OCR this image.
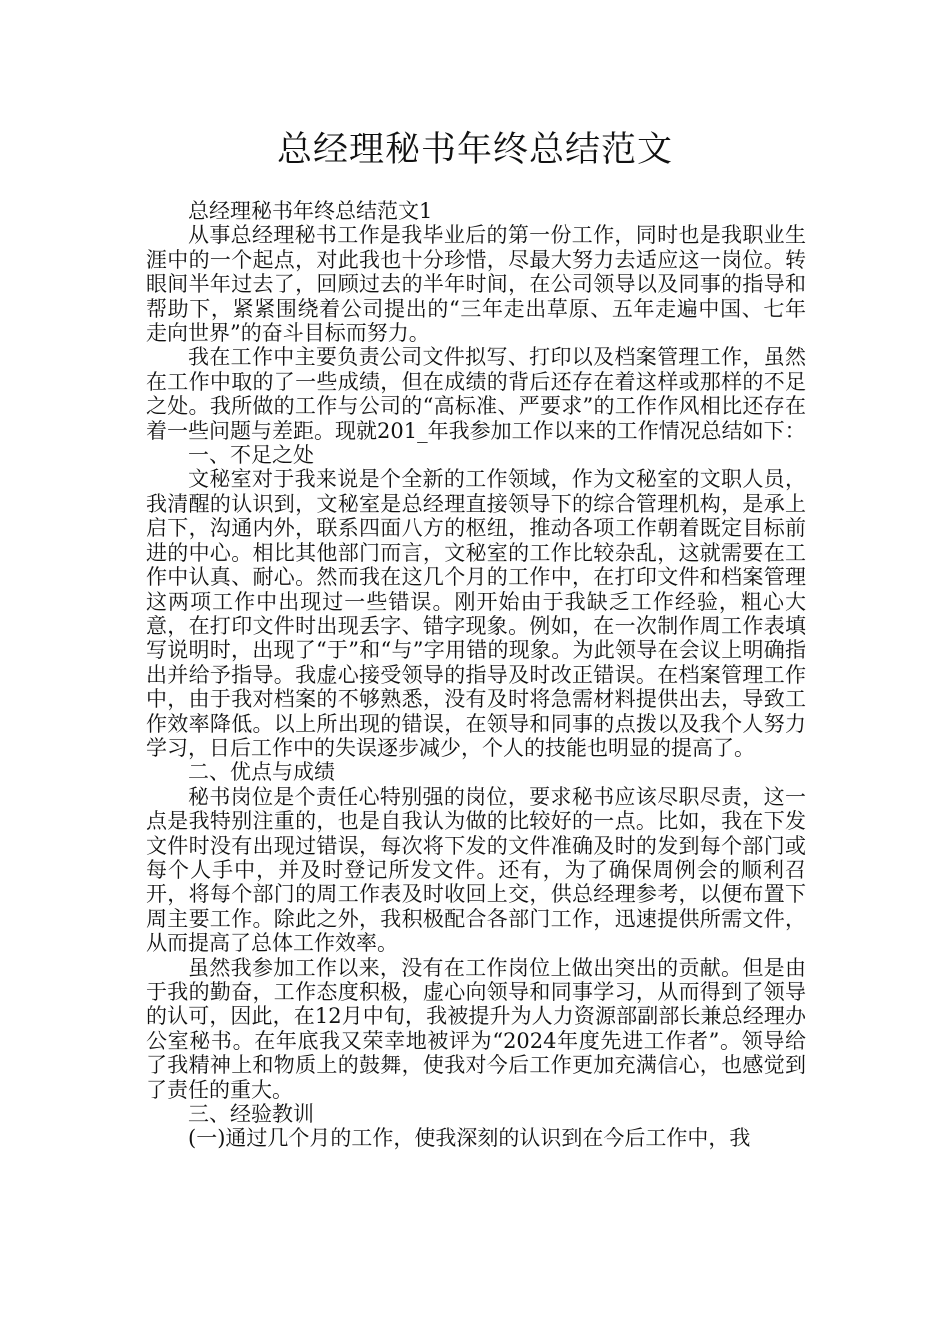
总经理秘书年终总结范文

总经理秘书年终总结范文1

从事总经理秘书工作是我毕业后的第一份工作，同时也是我职业生涯中的一个起点，对此我也十分珍惜，尽最大努力去适应这一岗位。转眼间半年过去了，回顾过去的半年时间，在公司领导以及同事的指导和帮助下，紧紧围绕着公司提出的“三年走出草原、五年走遍中国、七年走向世界”的奋斗目标而努力。

我在工作中主要负责公司文件拟写、打印以及档案管理工作，虽然在工作中取的了一些成绩，但在成绩的背后还存在着这样或那样的不足之处。我所做的工作与公司的“高标准、严要求”的工作作风相比还存在着一些问题与差距。现就201_年我参加工作以来的工作情况总结如下：

一、不足之处

文秘室对于我来说是个全新的工作领域，作为文秘室的文职人员，我清醒的认识到，文秘室是总经理直接领导下的综合管理机构，是承上启下，沟通内外，联系四面八方的枢纽，推动各项工作朝着既定目标前进的中心。相比其他部门而言，文秘室的工作比较杂乱，这就需要在工作中认真、耐心。然而我在这几个月的工作中，在打印文件和档案管理这两项工作中出现过一些错误。刚开始由于我缺乏工作经验，粗心大意，在打印文件时出现丢字、错字现象。例如，在一次制作周工作表填写说明时，出现了“于”和“与”字用错的现象。为此领导在会议上明确指出并给予指导。我虚心接受领导的指导及时改正错误。在档案管理工作中，由于我对档案的不够熟悉，没有及时将急需材料提供出去，导致工作效率降低。以上所出现的错误，在领导和同事的点拨以及我个人努力学习，日后工作中的失误逐步减少，个人的技能也明显的提高了。

二、优点与成绩

秘书岗位是个责任心特别强的岗位，要求秘书应该尽职尽责，这一点是我特别注重的，也是自我认为做的比较好的一点。比如，我在下发文件时没有出现过错误，每次将下发的文件准确及时的发到每个部门或每个人手中，并及时登记所发文件。还有，为了确保周例会的顺利召开，将每个部门的周工作表及时收回上交，供总经理参考，以便布置下周主要工作。除此之外，我积极配合各部门工作，迅速提供所需文件，从而提高了总体工作效率。

虽然我参加工作以来，没有在工作岗位上做出突出的贡献。但是由于我的勤奋，工作态度积极，虚心向领导和同事学习，从而得到了领导的认可，因此，在12月中旬，我被提升为人力资源部副部长兼总经理办公室秘书。在年底我又荣幸地被评为“2024年度先进工作者”。领导给了我精神上和物质上的鼓舞，使我对今后工作更加充满信心，也感觉到了责任的重大。

三、经验教训

(一)通过几个月的工作，使我深刻的认识到在今后工作中，我
